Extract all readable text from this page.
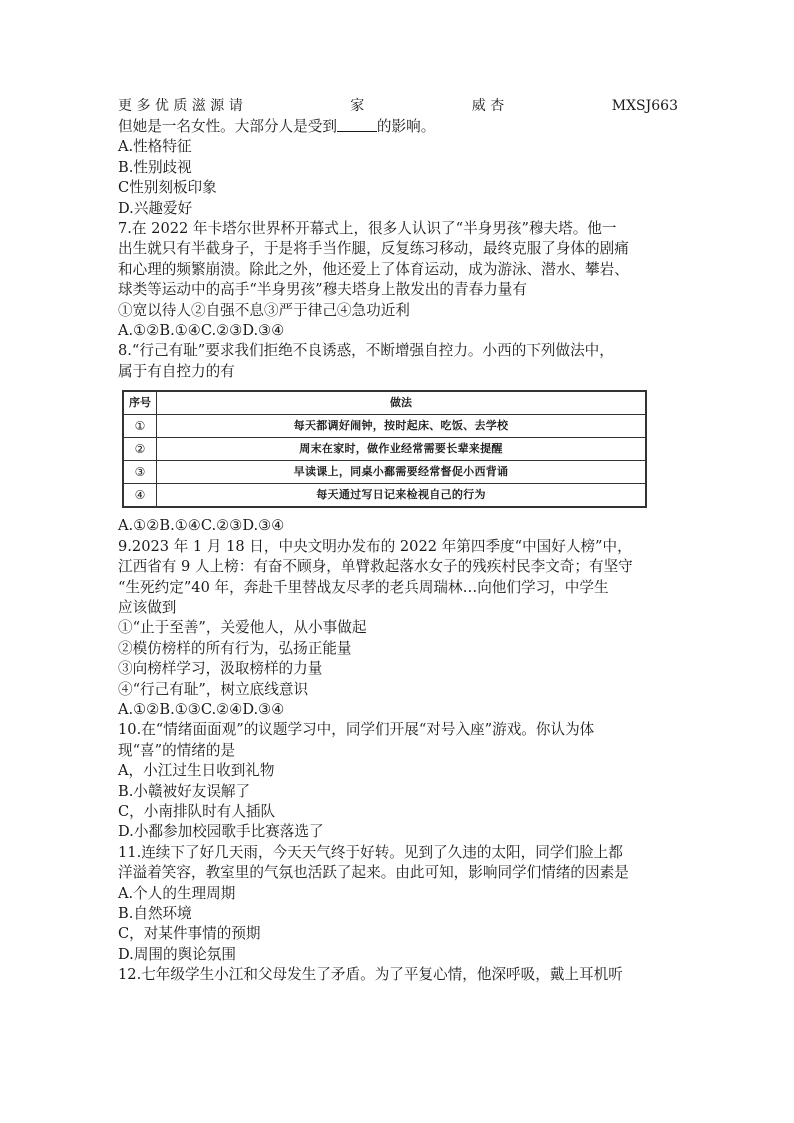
更 多 优 质 滋 源 请	家	威 杏	MXSJ663
但她是一名女性。大部分人是受到	的影响。
A.性格特征
B.性别歧视
C性别刻板印象
D.兴趣爱好
7.在 2022 年卡塔尔世界杯开幕式上，很多人认识了“半身男孩”穆夫塔。他一
出生就只有半截身子，于是将手当作腿，反复练习移动，最终克服了身体的剧痛
和心理的频繁崩溃。除此之外，他还爱上了体育运动，成为游泳、潜水、攀岩、
球类等运动中的高手“半身男孩”穆夫塔身上散发出的青春力量有
①宽以待人②自强不息③严于律己④急功近利
A.①②B.①④C.②③D.③④
8.“行己有耻”要求我们拒绝不良诱惑，不断增强自控力。小西的下列做法中，
属于有自控力的有
序号	做法
①	每天都调好闹钟，按时起床、吃饭、去学校
②	周末在家时，做作业经常需要长辈来提醒
③	早读课上，同桌小鄱需要经常督促小西背诵
④	每天通过写日记来检视自己的行为
A.①②B.①④C.②③D.③④
9.2023 年 1 月 18 日，中央文明办发布的 2022 年第四季度“中国好人榜”中，
江西省有 9 人上榜：有奋不顾身，单臂救起落水女子的残疾村民李文奇；有坚守
“生死约定”40 年，奔赴千里替战友尽孝的老兵周瑞林…向他们学习，中学生
应该做到
①“止于至善”，关爱他人，从小事做起
②模仿榜样的所有行为，弘扬正能量
③向榜样学习，汲取榜样的力量
④“行己有耻”，树立底线意识
A.①②B.①③C.②④D.③④
10.在“情绪面面观”的议题学习中，同学们开展“对号入座”游戏。你认为体
现“喜”的情绪的是
A，小江过生日收到礼物
B.小赣被好友误解了
C，小南排队时有人插队
D.小鄱参加校园歌手比赛落选了
11.连续下了好几天雨，今天天气终于好转。见到了久违的太阳，同学们脸上都
洋溢着笑容，教室里的气氛也活跃了起来。由此可知，影响同学们情绪的因素是
A.个人的生理周期
B.自然环境
C，对某件事情的预期
D.周围的舆论氛围
12.七年级学生小江和父母发生了矛盾。为了平复心情，他深呼吸，戴上耳机听
